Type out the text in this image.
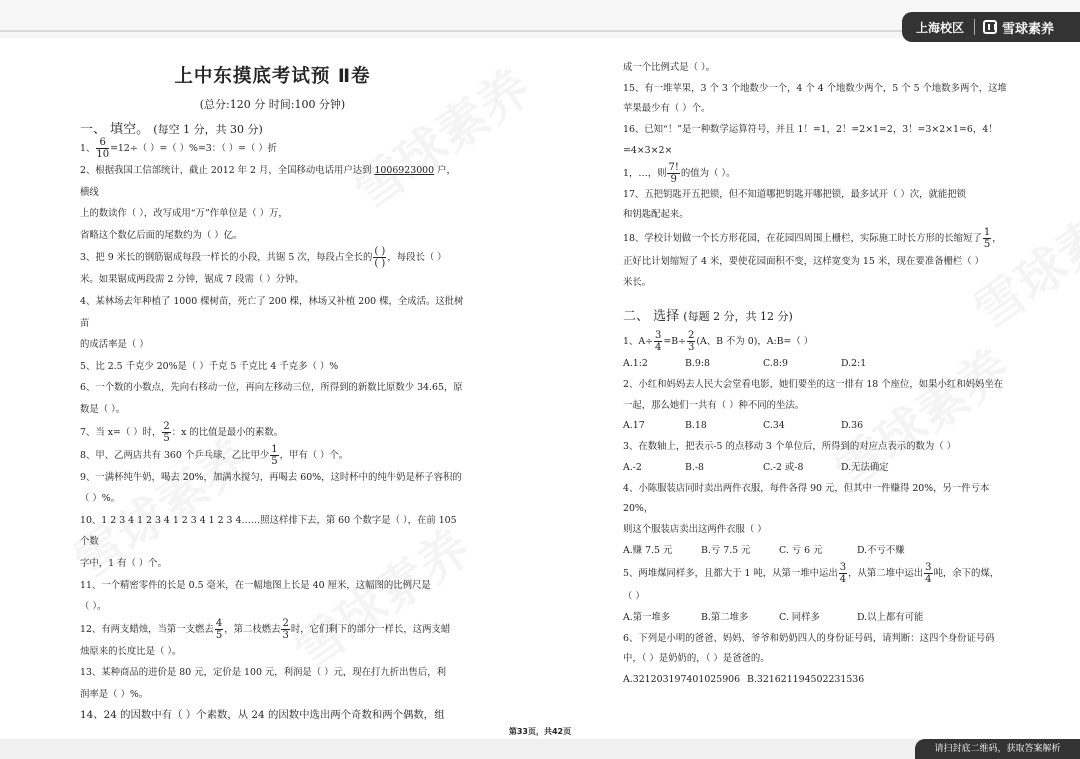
上海校区	雪球素养
上中东摸底考试预 Ⅱ卷
(总分:120 分 时间:100 分钟)
一、 填空。 (每空 1 分，共 30 分)

1、 $\frac{6}{10} =12\div$（ ）=（ ）%=3：（ ）=（ ）折

2、根据我国工信部统计，截止 2012 年 2 月，全国移动电话用户达到 1006923000 户，横线

上的数读作（ ），改写成用“万”作单位是（ ）万，

省略这个数亿后面的尾数约为（ ）亿。

3、把 9 米长的钢筋锯成每段一样长的小段，共锯 5 次，每段占全长的 $\frac{( )}{( )}$ ，每段长（ ）

米。如果锯成两段需 2 分钟，锯成 7 段需（ ）分钟。

4、某林场去年种植了 1000 棵树苗，死亡了 200 棵，林场又补植 200 棵，全成活。这批树苗

的成活率是（ ）

5、比 2.5 千克少 20%是（ ）千克 5 千克比 4 千克多（ ）%

6、一个数的小数点，先向右移动一位，再向左移动三位，所得到的新数比原数少 34.65，原

数是（ ）。

7、当 x=（ ）时， $\frac{2}{5}$ ：x 的比值是最小的素数。

8、甲、乙两店共有 360 个乒乓球，乙比甲少 $\frac{1}{5}$ ，甲有（ ）个。

9、一满杯纯牛奶，喝去 20%，加满水搅匀，再喝去 60%，这时杯中的纯牛奶是杯子容积的

（ ）%。

10、1 2 3 4 1 2 3 4 1 2 3 4 1 2 3 4……照这样排下去，第 60 个数字是（ ），在前 105 个数

字中，1 有（ ）个。

11、一个精密零件的长是 0.5 毫米，在一幅地图上长是 40 厘米，这幅图的比例尺是

（ ）。

12、有两支蜡烛，当第一支燃去 $\frac{4}{5}$ ，第二枝燃去 $\frac{2}{3}$ 时，它们剩下的部分一样长，这两支蜡

烛原来的长度比是（ ）。

13、某种商品的进价是 80 元，定价是 100 元，利润是（ ）元，现在打九折出售后，利

润率是（ ）%。

14、24 的因数中有（ ）个素数，从 24 的因数中选出两个奇数和两个偶数，组

成一个比例式是（ ）。

15、有一堆苹果，3 个 3 个地数少一个，4 个 4 个地数少两个，5 个 5 个地数多两个，这堆

苹果最少有（ ）个。

16、已知“！”是一种数学运算符号，并且 1！=1，2！=2×1=2，3！=3×2×1=6，4！=4×3×2×

1，…，则 $\frac{7!}{9}$ 的值为（ ）。

17、五把钥匙开五把锁，但不知道哪把钥匙开哪把锁，最多试开（ ）次，就能把锁

和钥匙配起来。

18、学校计划做一个长方形花园，在花园四周围上栅栏，实际施工时长方形的长缩短了 $\frac{1}{5}$ ，

正好比计划缩短了 4 米，要使花园面积不变，这样宽变为 15 米，现在要准备栅栏（ ）

米长。

二、 选择 (每题 2 分，共 12 分)

1、$A\div \frac{3}{4} =B\div \frac{2}{3} (A$、B 不为 0)，A:B=（ ）

A.1:2	B.9:8	C.8:9	D.2:1

2、小红和妈妈去人民大会堂看电影，她们要坐的这一排有 18 个座位，如果小红和妈妈坐在

一起，那么她们一共有（ ）种不同的坐法。

A.17	B.18	C.34	D.36

3、在数轴上，把表示-5 的点移动 3 个单位后，所得到的对应点表示的数为（ ）

A.-2	B.-8	C.-2 或-8	D.无法确定

4、小陈服装店同时卖出两件衣服，每件各得 90 元，但其中一件赚得 20%，另一件亏本 20%，

则这个服装店卖出这两件衣服（ ）

A.赚 7.5 元	B.亏 7.5 元	C. 亏 6 元	D.不亏不赚

5、两堆煤同样多，且都大于 1 吨，从第一堆中运出 $\frac{3}{4}$ ，从第二堆中运出 $\frac{3}{4}$ 吨，余下的煤，

（ ）

A.第一堆多	B.第二堆多	C. 同样多	D.以上都有可能

6、下列是小明的爸爸、妈妈、爷爷和奶奶四人的身份证号码，请判断：这四个身份证号码

中，（ ）是奶奶的，（ ）是爸爸的。

A.321203197401025906 B.321621194502231536
第33页，共42页
请扫封底二维码，获取答案解析
